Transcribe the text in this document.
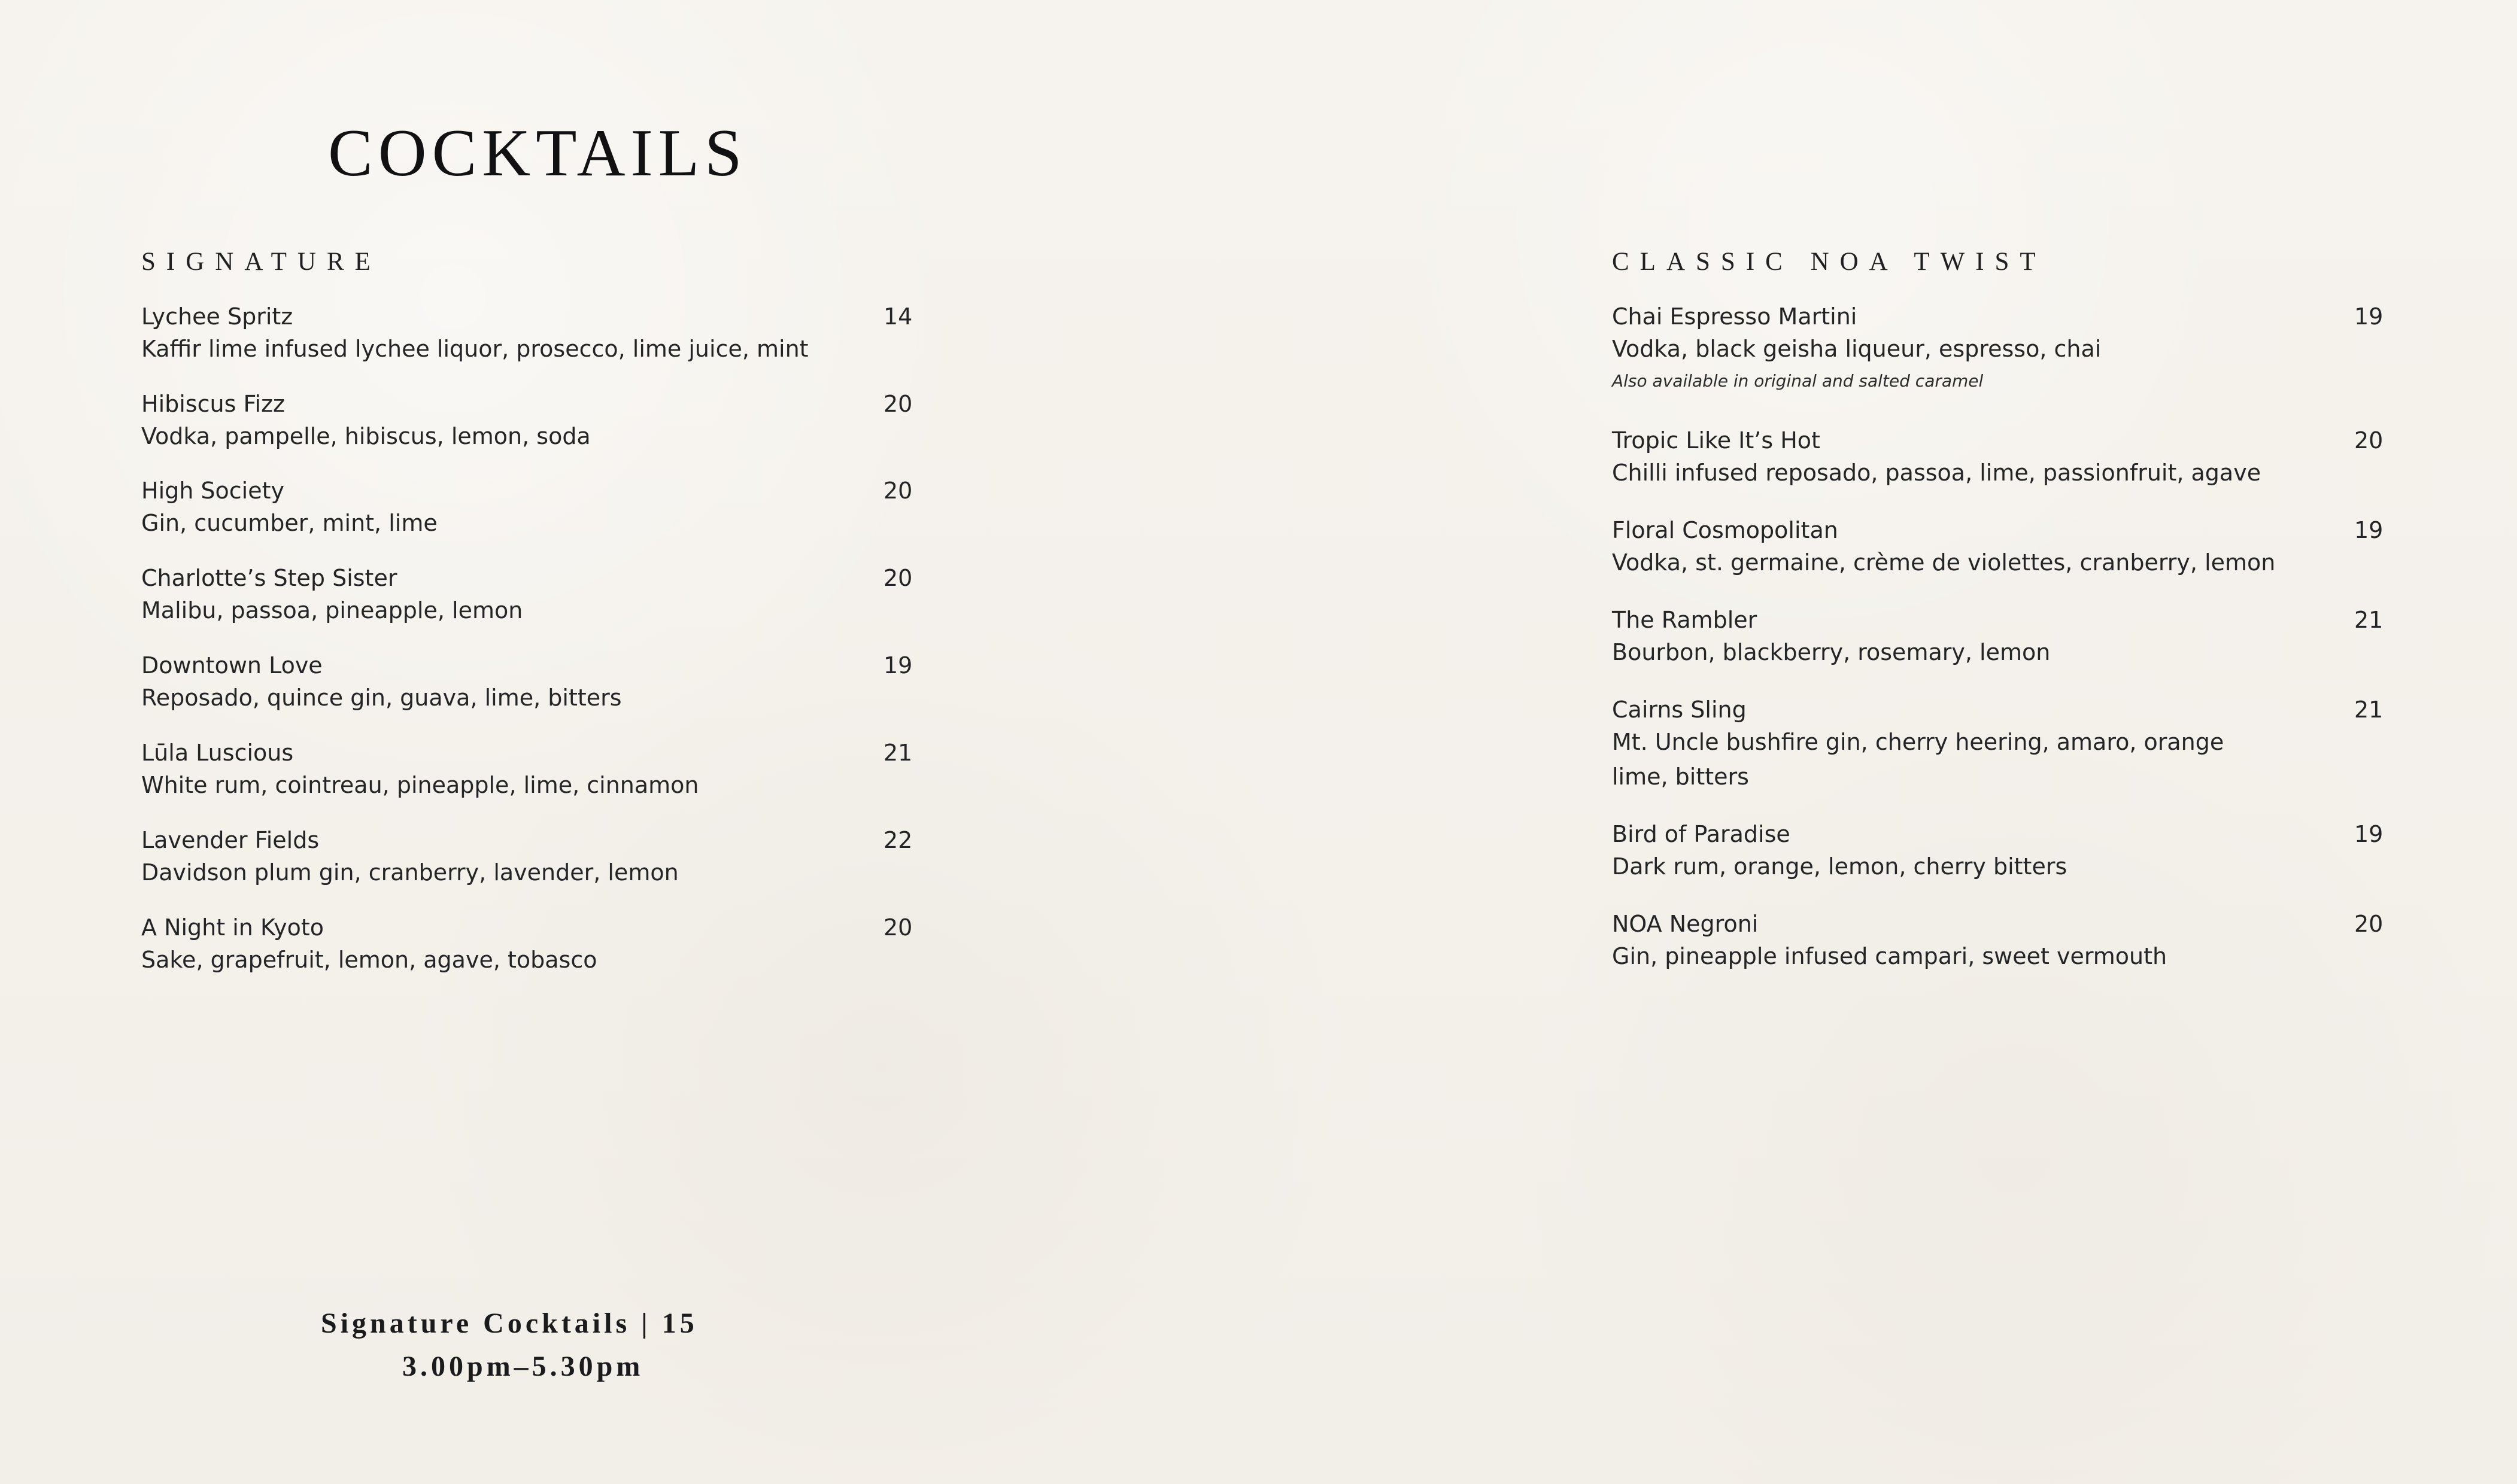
COCKTAILS
SIGNATURE	CLASSIC NOA TWIST
Lychee Spritz	14
Kaffir lime infused lychee liquor, prosecco, lime juice, mint
Hibiscus Fizz	20
Vodka, pampelle, hibiscus, lemon, soda
High Society	20
Gin, cucumber, mint, lime
Charlotte’s Step Sister	20
Malibu, passoa, pineapple, lemon
Downtown Love	19
Reposado, quince gin, guava, lime, bitters
Lūla Luscious	21
White rum, cointreau, pineapple, lime, cinnamon
Lavender Fields	22
Davidson plum gin, cranberry, lavender, lemon
A Night in Kyoto	20
Sake, grapefruit, lemon, agave, tobasco
Chai Espresso Martini	19
Vodka, black geisha liqueur, espresso, chai
Also available in original and salted caramel
Tropic Like It’s Hot	20
Chilli infused reposado, passoa, lime, passionfruit, agave
Floral Cosmopolitan	19
Vodka, st. germaine, crème de violettes, cranberry, lemon
The Rambler	21
Bourbon, blackberry, rosemary, lemon
Cairns Sling	21
Mt. Uncle bushfire gin, cherry heering, amaro, orange
lime, bitters
Bird of Paradise	19
Dark rum, orange, lemon, cherry bitters
NOA Negroni	20
Gin, pineapple infused campari, sweet vermouth
Signature Cocktails | 15
3.00pm–5.30pm
